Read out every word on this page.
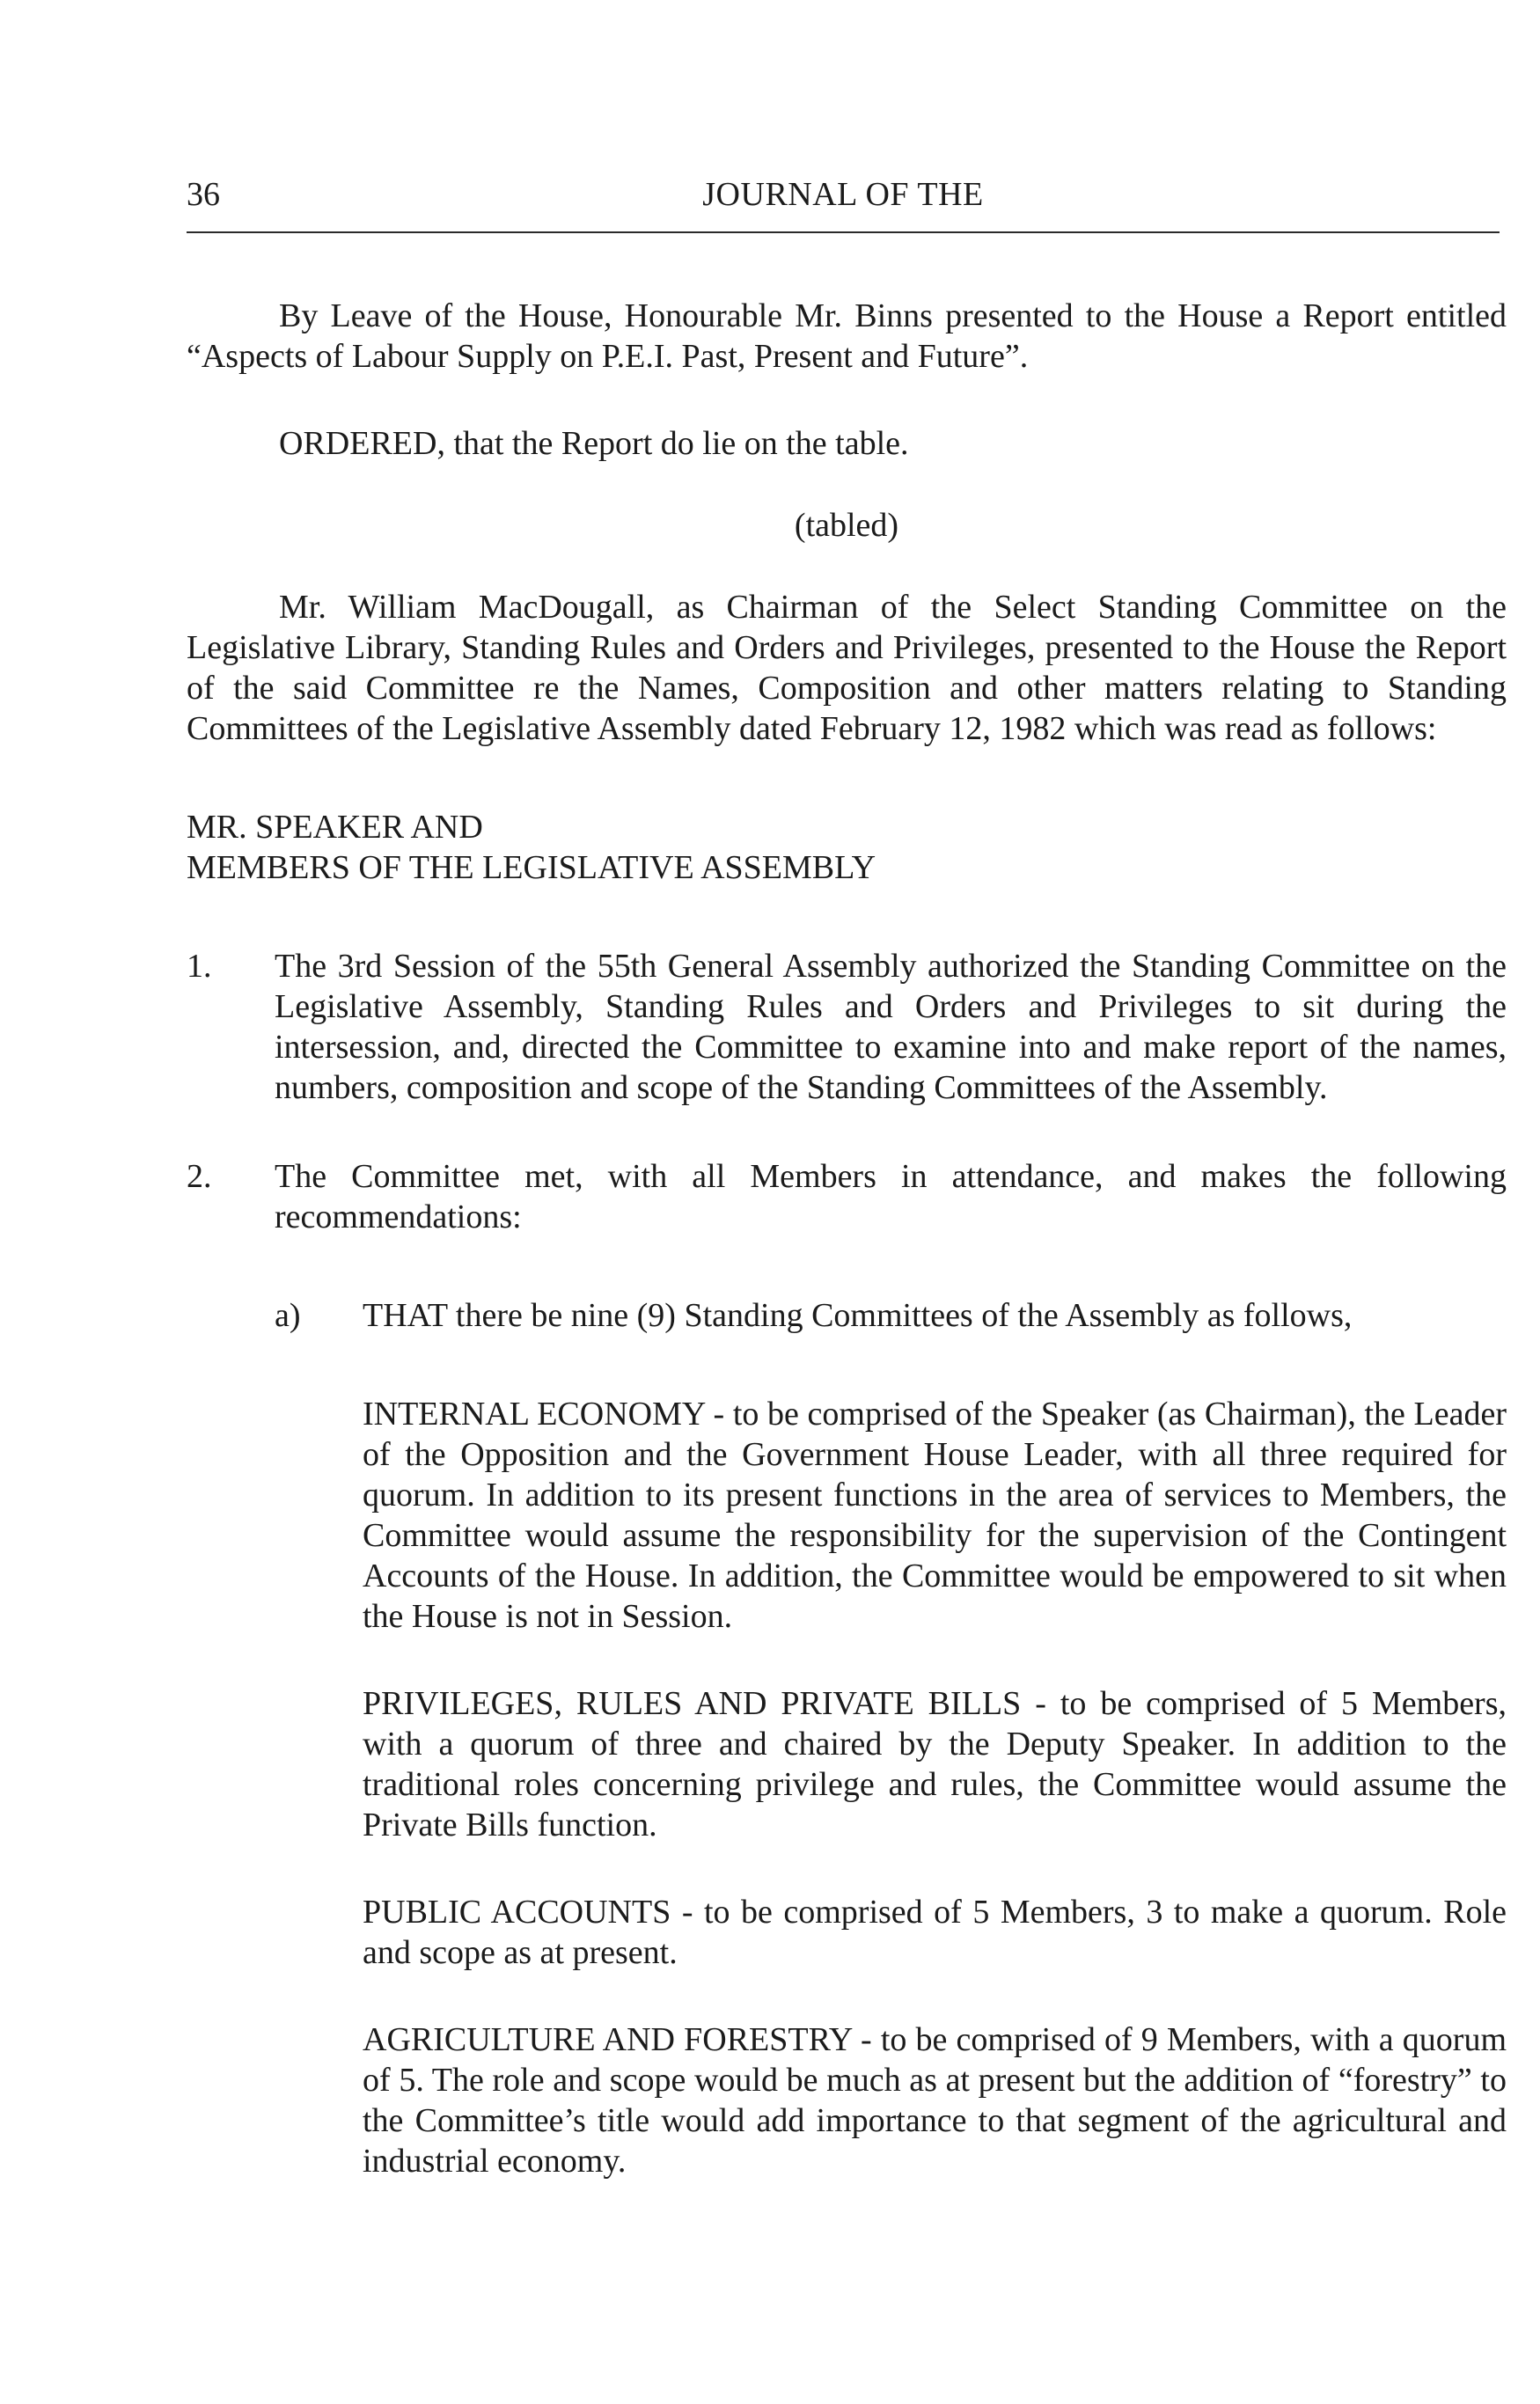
36	JOURNAL OF THE

By Leave of the House, Honourable Mr. Binns presented to the House a Report entitled “Aspects of Labour Supply on P.E.I. Past, Present and Future”.

ORDERED, that the Report do lie on the table.

(tabled)

Mr. William MacDougall, as Chairman of the Select Standing Committee on the Legislative Library, Standing Rules and Orders and Privileges, presented to the House the Report of the said Committee re the Names, Composition and other matters relating to Standing Committees of the Legislative Assembly dated February 12, 1982 which was read as follows:

MR. SPEAKER AND
MEMBERS OF THE LEGISLATIVE ASSEMBLY

1. The 3rd Session of the 55th General Assembly authorized the Standing Committee on the Legislative Assembly, Standing Rules and Orders and Privileges to sit during the intersession, and, directed the Committee to examine into and make report of the names, numbers, composition and scope of the Standing Committees of the Assembly.

2. The Committee met, with all Members in attendance, and makes the following recommendations:

a) THAT there be nine (9) Standing Committees of the Assembly as follows,

INTERNAL ECONOMY - to be comprised of the Speaker (as Chairman), the Leader of the Opposition and the Government House Leader, with all three required for quorum. In addition to its present functions in the area of services to Members, the Committee would assume the responsibility for the supervision of the Contingent Accounts of the House. In addition, the Committee would be empowered to sit when the House is not in Session.

PRIVILEGES, RULES AND PRIVATE BILLS - to be comprised of 5 Members, with a quorum of three and chaired by the Deputy Speaker. In addition to the traditional roles concerning privilege and rules, the Committee would assume the Private Bills function.

PUBLIC ACCOUNTS - to be comprised of 5 Members, 3 to make a quorum. Role and scope as at present.

AGRICULTURE AND FORESTRY - to be comprised of 9 Members, with a quorum of 5. The role and scope would be much as at present but the addition of “forestry” to the Committee’s title would add importance to that segment of the agricultural and industrial economy.
